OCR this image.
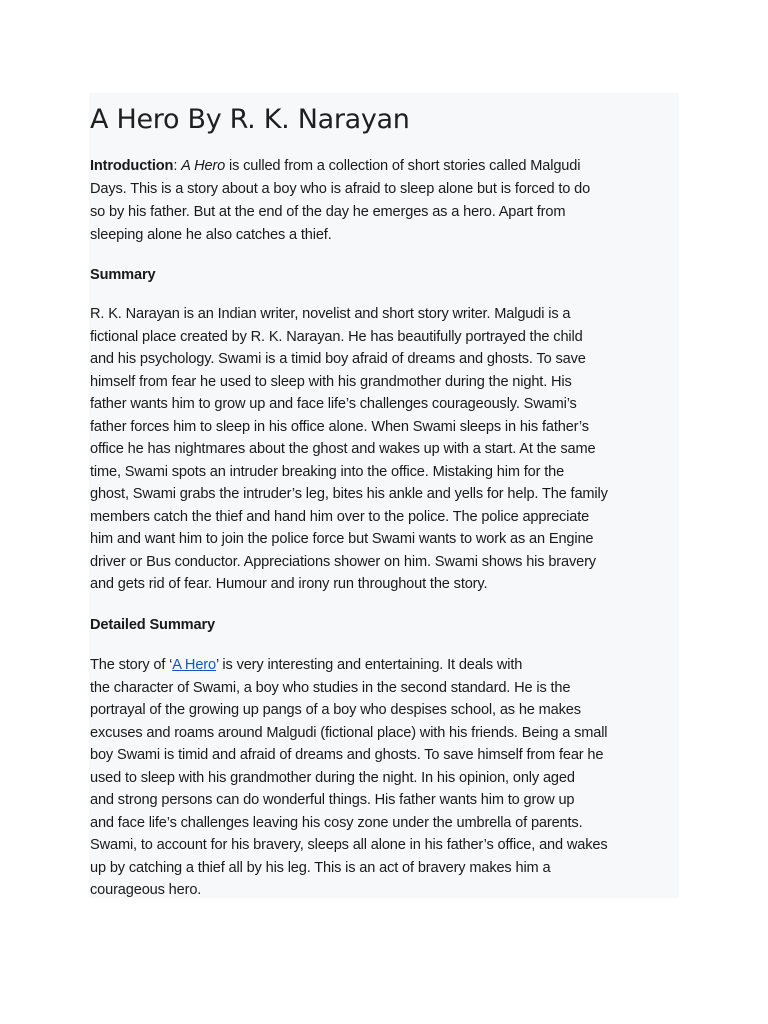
A Hero By R. K. Narayan
Introduction: A Hero is culled from a collection of short stories called Malgudi
Days. This is a story about a boy who is afraid to sleep alone but is forced to do
so by his father. But at the end of the day he emerges as a hero. Apart from
sleeping alone he also catches a thief.
Summary
R. K. Narayan is an Indian writer, novelist and short story writer. Malgudi is a
fictional place created by R. K. Narayan. He has beautifully portrayed the child
and his psychology. Swami is a timid boy afraid of dreams and ghosts. To save
himself from fear he used to sleep with his grandmother during the night. His
father wants him to grow up and face life’s challenges courageously. Swami’s
father forces him to sleep in his office alone. When Swami sleeps in his father’s
office he has nightmares about the ghost and wakes up with a start. At the same
time, Swami spots an intruder breaking into the office. Mistaking him for the
ghost, Swami grabs the intruder’s leg, bites his ankle and yells for help. The family
members catch the thief and hand him over to the police. The police appreciate
him and want him to join the police force but Swami wants to work as an Engine
driver or Bus conductor. Appreciations shower on him. Swami shows his bravery
and gets rid of fear. Humour and irony run throughout the story.
Detailed Summary
The story of ‘A Hero’ is very interesting and entertaining. It deals with
the character of Swami, a boy who studies in the second standard. He is the
portrayal of the growing up pangs of a boy who despises school, as he makes
excuses and roams around Malgudi (fictional place) with his friends. Being a small
boy Swami is timid and afraid of dreams and ghosts. To save himself from fear he
used to sleep with his grandmother during the night. In his opinion, only aged
and strong persons can do wonderful things. His father wants him to grow up
and face life’s challenges leaving his cosy zone under the umbrella of parents.
Swami, to account for his bravery, sleeps all alone in his father’s office, and wakes
up by catching a thief all by his leg. This is an act of bravery makes him a
courageous hero.
